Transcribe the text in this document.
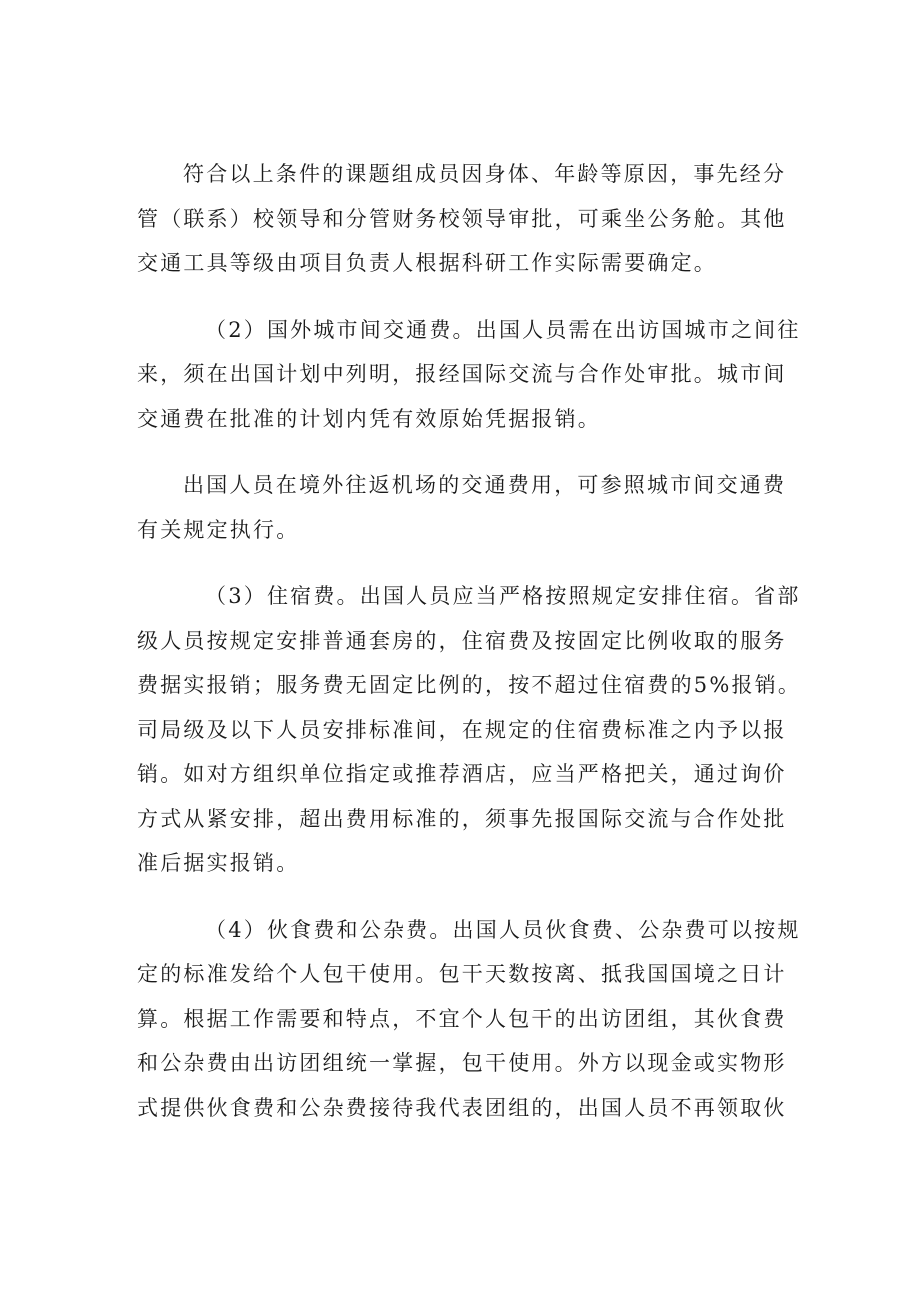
符合以上条件的课题组成员因身体、年龄等原因，事先经分
管（联系）校领导和分管财务校领导审批，可乘坐公务舱。其他
交通工具等级由项目负责人根据科研工作实际需要确定。

（2）国外城市间交通费。出国人员需在出访国城市之间往
来，须在出国计划中列明，报经国际交流与合作处审批。城市间
交通费在批准的计划内凭有效原始凭据报销。

出国人员在境外往返机场的交通费用，可参照城市间交通费
有关规定执行。

（3）住宿费。出国人员应当严格按照规定安排住宿。省部
级人员按规定安排普通套房的，住宿费及按固定比例收取的服务
费据实报销；服务费无固定比例的，按不超过住宿费的5%报销。
司局级及以下人员安排标准间，在规定的住宿费标准之内予以报
销。如对方组织单位指定或推荐酒店，应当严格把关，通过询价
方式从紧安排，超出费用标准的，须事先报国际交流与合作处批
准后据实报销。

（4）伙食费和公杂费。出国人员伙食费、公杂费可以按规
定的标准发给个人包干使用。包干天数按离、抵我国国境之日计
算。根据工作需要和特点，不宜个人包干的出访团组，其伙食费
和公杂费由出访团组统一掌握，包干使用。外方以现金或实物形
式提供伙食费和公杂费接待我代表团组的，出国人员不再领取伙
